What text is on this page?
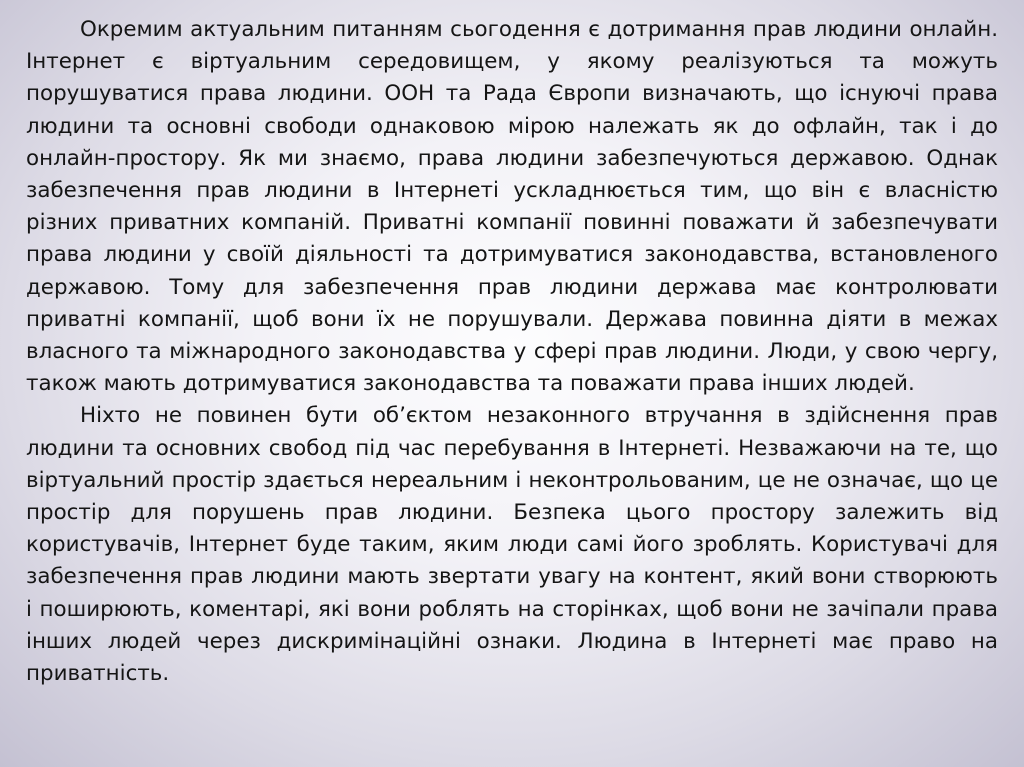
Окремим актуальним питанням сьогодення є дотримання прав людини онлайн. Інтернет є віртуальним середовищем, у якому реалізуються та можуть порушуватися права людини. ООН та Рада Європи визначають, що існуючі права людини та основні свободи однаковою мірою належать як до офлайн, так і до онлайн-простору. Як ми знаємо, права людини забезпечуються державою. Однак забезпечення прав людини в Інтернеті ускладнюється тим, що він є власністю різних приватних компаній. Приватні компанії повинні поважати й забезпечувати права людини у своїй діяльності та дотримуватися законодавства, встановленого державою. Тому для забезпечення прав людини держава має контролювати приватні компанії, щоб вони їх не порушували. Держава повинна діяти в межах власного та міжнародного законодавства у сфері прав людини. Люди, у свою чергу, також мають дотримуватися законодавства та поважати права інших людей.

Ніхто не повинен бути об’єктом незаконного втручання в здійснення прав людини та основних свобод під час перебування в Інтернеті. Незважаючи на те, що віртуальний простір здається нереальним і неконтрольованим, це не означає, що це простір для порушень прав людини. Безпека цього простору залежить від користувачів, Інтернет буде таким, яким люди самі його зроблять. Користувачі для забезпечення прав людини мають звертати увагу на контент, який вони створюють і поширюють, коментарі, які вони роблять на сторінках, щоб вони не зачіпали права інших людей через дискримінаційні ознаки. Людина в Інтернеті має право на приватність.
